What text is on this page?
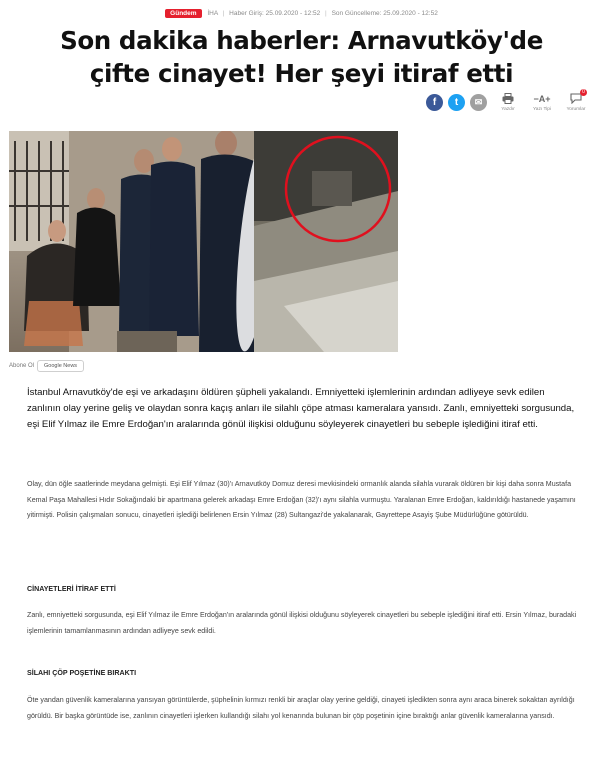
Gündem İHA | Haber Giriş: 25.09.2020 - 12:52 | Son Güncelleme: 25.09.2020 - 12:52
Son dakika haberler: Arnavutköy'de çifte cinayet! Her şeyi itiraf etti
f t ✉
Yazdır
−A+
Yazı Tipi
0
Yorumlar
Abone Ol	Google News

İstanbul Arnavutköy'de eşi ve arkadaşını öldüren şüpheli yakalandı. Emniyetteki işlemlerinin ardından adliyeye sevk edilen zanlının olay yerine geliş ve olaydan sonra kaçış anları ile silahlı çöpe atması kameralara yansıdı. Zanlı, emniyetteki sorgusunda, eşi Elif Yılmaz ile Emre Erdoğan'ın aralarında gönül ilişkisi olduğunu söyleyerek cinayetleri bu sebeple işlediğini itiraf etti.

Olay, dün öğle saatlerinde meydana gelmişti. Eşi Elif Yılmaz (30)'ı Arnavutköy Domuz deresi mevkisindeki ormanlık alanda silahla vurarak öldüren bir kişi daha sonra Mustafa Kemal Paşa Mahallesi Hıdır Sokağındaki bir apartmana gelerek arkadaşı Emre Erdoğan (32)'ı aynı silahla vurmuştu. Yaralanan Emre Erdoğan, kaldırıldığı hastanede yaşamını yitirmişti. Polisin çalışmaları sonucu, cinayetleri işlediği belirlenen Ersin Yılmaz (28) Sultangazi'de yakalanarak, Gayrettepe Asayiş Şube Müdürlüğüne götürüldü.

CİNAYETLERİ İTİRAF ETTİ

Zanlı, emniyetteki sorgusunda, eşi Elif Yılmaz ile Emre Erdoğan'ın aralarında gönül ilişkisi olduğunu söyleyerek cinayetleri bu sebeple işlediğini itiraf etti. Ersin Yılmaz, buradaki işlemlerinin tamamlanmasının ardından adliyeye sevk edildi.

SİLAHI ÇÖP POŞETİNE BIRAKTI

Öte yandan güvenlik kameralarına yansıyan görüntülerde, şüphelinin kırmızı renkli bir araçlar olay yerine geldiği, cinayeti işledikten sonra aynı araca binerek sokaktan ayrıldığı görüldü. Bir başka görüntüde ise, zanlının cinayetleri işlerken kullandığı silahı yol kenarında bulunan bir çöp poşetinin içine bıraktığı anlar güvenlik kameralarına yansıdı.
